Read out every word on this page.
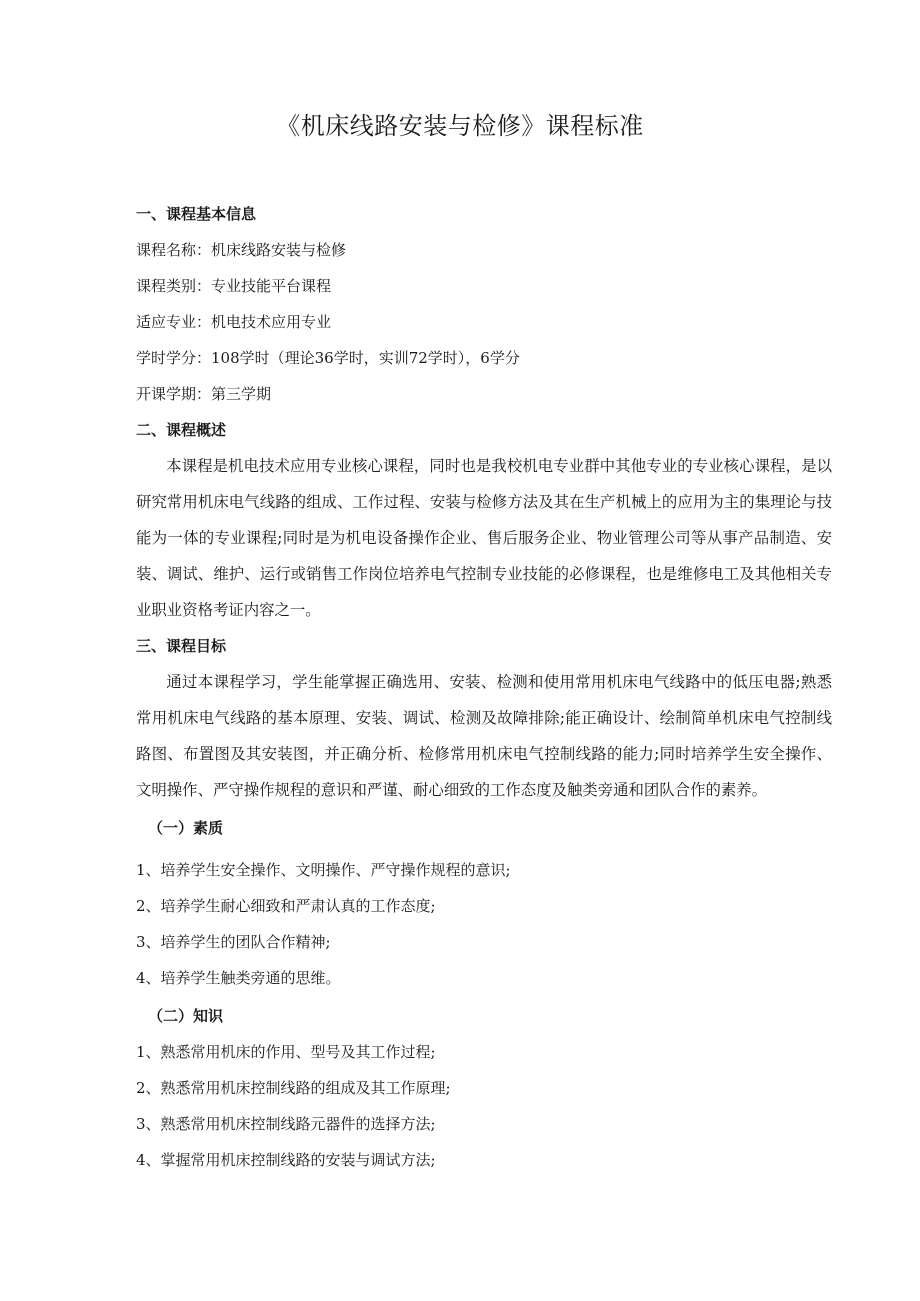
《机床线路安装与检修》课程标准
一、课程基本信息
课程名称：机床线路安装与检修
课程类别：专业技能平台课程
适应专业：机电技术应用专业
学时学分：108学时（理论36学时，实训72学时），6学分
开课学期：第三学期
二、课程概述

本课程是机电技术应用专业核心课程，同时也是我校机电专业群中其他专业的专业核心课程，是以研究常用机床电气线路的组成、工作过程、安装与检修方法及其在生产机械上的应用为主的集理论与技能为一体的专业课程;同时是为机电设备操作企业、售后服务企业、物业管理公司等从事产品制造、安装、调试、维护、运行或销售工作岗位培养电气控制专业技能的必修课程，也是维修电工及其他相关专业职业资格考证内容之一。

三、课程目标

通过本课程学习，学生能掌握正确选用、安装、检测和使用常用机床电气线路中的低压电器;熟悉常用机床电气线路的基本原理、安装、调试、检测及故障排除;能正确设计、绘制简单机床电气控制线路图、布置图及其安装图，并正确分析、检修常用机床电气控制线路的能力;同时培养学生安全操作、文明操作、严守操作规程的意识和严谨、耐心细致的工作态度及触类旁通和团队合作的素养。

（一）素质
1、培养学生安全操作、文明操作、严守操作规程的意识;
2、培养学生耐心细致和严肃认真的工作态度;
3、培养学生的团队合作精神;
4、培养学生触类旁通的思维。
（二）知识
1、熟悉常用机床的作用、型号及其工作过程;
2、熟悉常用机床控制线路的组成及其工作原理;
3、熟悉常用机床控制线路元器件的选择方法;
4、掌握常用机床控制线路的安装与调试方法;
